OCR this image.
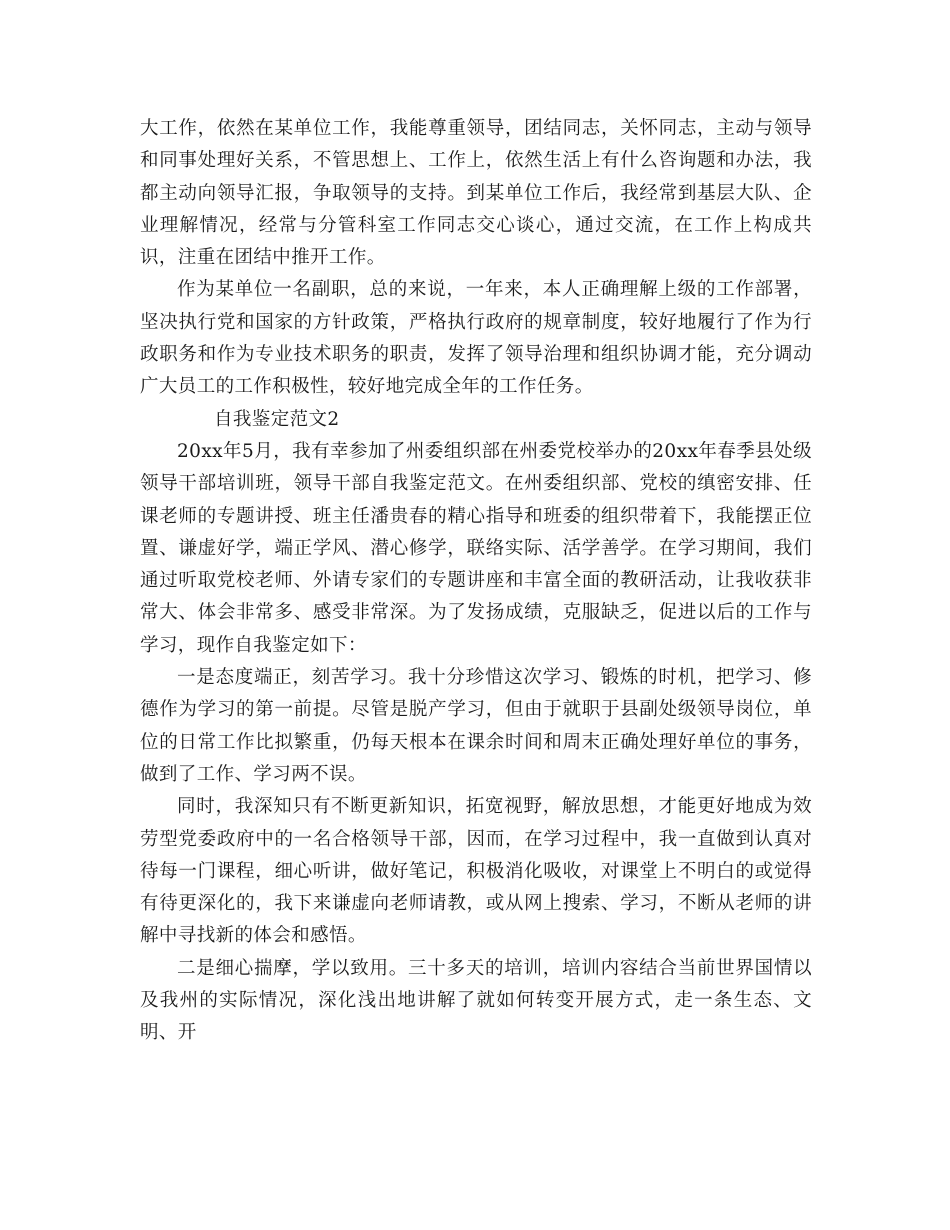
大工作，依然在某单位工作，我能尊重领导，团结同志，关怀同志，主动与领导和同事处理好关系，不管思想上、工作上，依然生活上有什么咨询题和办法，我都主动向领导汇报，争取领导的支持。到某单位工作后，我经常到基层大队、企业理解情况，经常与分管科室工作同志交心谈心，通过交流，在工作上构成共识，注重在团结中推开工作。

作为某单位一名副职，总的来说，一年来，本人正确理解上级的工作部署，坚决执行党和国家的方针政策，严格执行政府的规章制度，较好地履行了作为行政职务和作为专业技术职务的职责，发挥了领导治理和组织协调才能，充分调动广大员工的工作积极性，较好地完成全年的工作任务。

自我鉴定范文2

20xx年5月，我有幸参加了州委组织部在州委党校举办的20xx年春季县处级领导干部培训班，领导干部自我鉴定范文。在州委组织部、党校的缜密安排、任课老师的专题讲授、班主任潘贵春的精心指导和班委的组织带着下，我能摆正位置、谦虚好学，端正学风、潜心修学，联络实际、活学善学。在学习期间，我们通过听取党校老师、外请专家们的专题讲座和丰富全面的教研活动，让我收获非常大、体会非常多、感受非常深。为了发扬成绩，克服缺乏，促进以后的工作与学习，现作自我鉴定如下：

一是态度端正，刻苦学习。我十分珍惜这次学习、锻炼的时机，把学习、修德作为学习的第一前提。尽管是脱产学习，但由于就职于县副处级领导岗位，单位的日常工作比拟繁重，仍每天根本在课余时间和周末正确处理好单位的事务，做到了工作、学习两不误。

同时，我深知只有不断更新知识，拓宽视野，解放思想，才能更好地成为效劳型党委政府中的一名合格领导干部，因而，在学习过程中，我一直做到认真对待每一门课程，细心听讲，做好笔记，积极消化吸收，对课堂上不明白的或觉得有待更深化的，我下来谦虚向老师请教，或从网上搜索、学习，不断从老师的讲解中寻找新的体会和感悟。

二是细心揣摩，学以致用。三十多天的培训，培训内容结合当前世界国情以及我州的实际情况，深化浅出地讲解了就如何转变开展方式，走一条生态、文明、开
